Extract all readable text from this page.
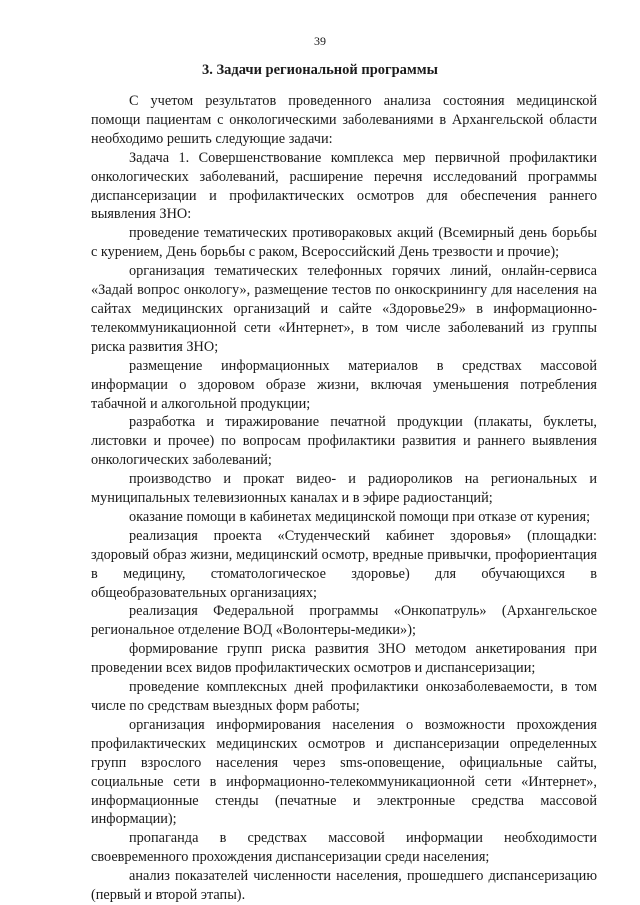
39
3. Задачи региональной программы

С учетом результатов проведенного анализа состояния медицинской помощи пациентам с онкологическими заболеваниями в Архангельской области необходимо решить следующие задачи:

Задача 1. Совершенствование комплекса мер первичной профилактики онкологических заболеваний, расширение перечня исследований программы диспансеризации и профилактических осмотров для обеспечения раннего выявления ЗНО:

проведение тематических противораковых акций (Всемирный день борьбы с курением, День борьбы с раком, Всероссийский День трезвости и прочие);

организация тематических телефонных горячих линий, онлайн-сервиса «Задай вопрос онкологу», размещение тестов по онкоскринингу для населения на сайтах медицинских организаций и сайте «Здоровье29» в информационно-телекоммуникационной сети «Интернет», в том числе заболеваний из группы риска развития ЗНО;

размещение информационных материалов в средствах массовой информации о здоровом образе жизни, включая уменьшения потребления табачной и алкогольной продукции;

разработка и тиражирование печатной продукции (плакаты, буклеты, листовки и прочее) по вопросам профилактики развития и раннего выявления онкологических заболеваний;

производство и прокат видео- и радиороликов на региональных и муниципальных телевизионных каналах и в эфире радиостанций;

оказание помощи в кабинетах медицинской помощи при отказе от курения;

реализация проекта «Студенческий кабинет здоровья» (площадки: здоровый образ жизни, медицинский осмотр, вредные привычки, профориентация в медицину, стоматологическое здоровье) для обучающихся в общеобразовательных организациях;

реализация Федеральной программы «Онкопатруль» (Архангельское региональное отделение ВОД «Волонтеры-медики»);

формирование групп риска развития ЗНО методом анкетирования при проведении всех видов профилактических осмотров и диспансеризации;

проведение комплексных дней профилактики онкозаболеваемости, в том числе по средствам выездных форм работы;

организация информирования населения о возможности прохождения профилактических медицинских осмотров и диспансеризации определенных групп взрослого населения через sms-оповещение, официальные сайты, социальные сети в информационно-телекоммуникационной сети «Интернет», информационные стенды (печатные и электронные средства массовой информации);

пропаганда в средствах массовой информации необходимости своевременного прохождения диспансеризации среди населения;

анализ показателей численности населения, прошедшего диспансеризацию (первый и второй этапы).
